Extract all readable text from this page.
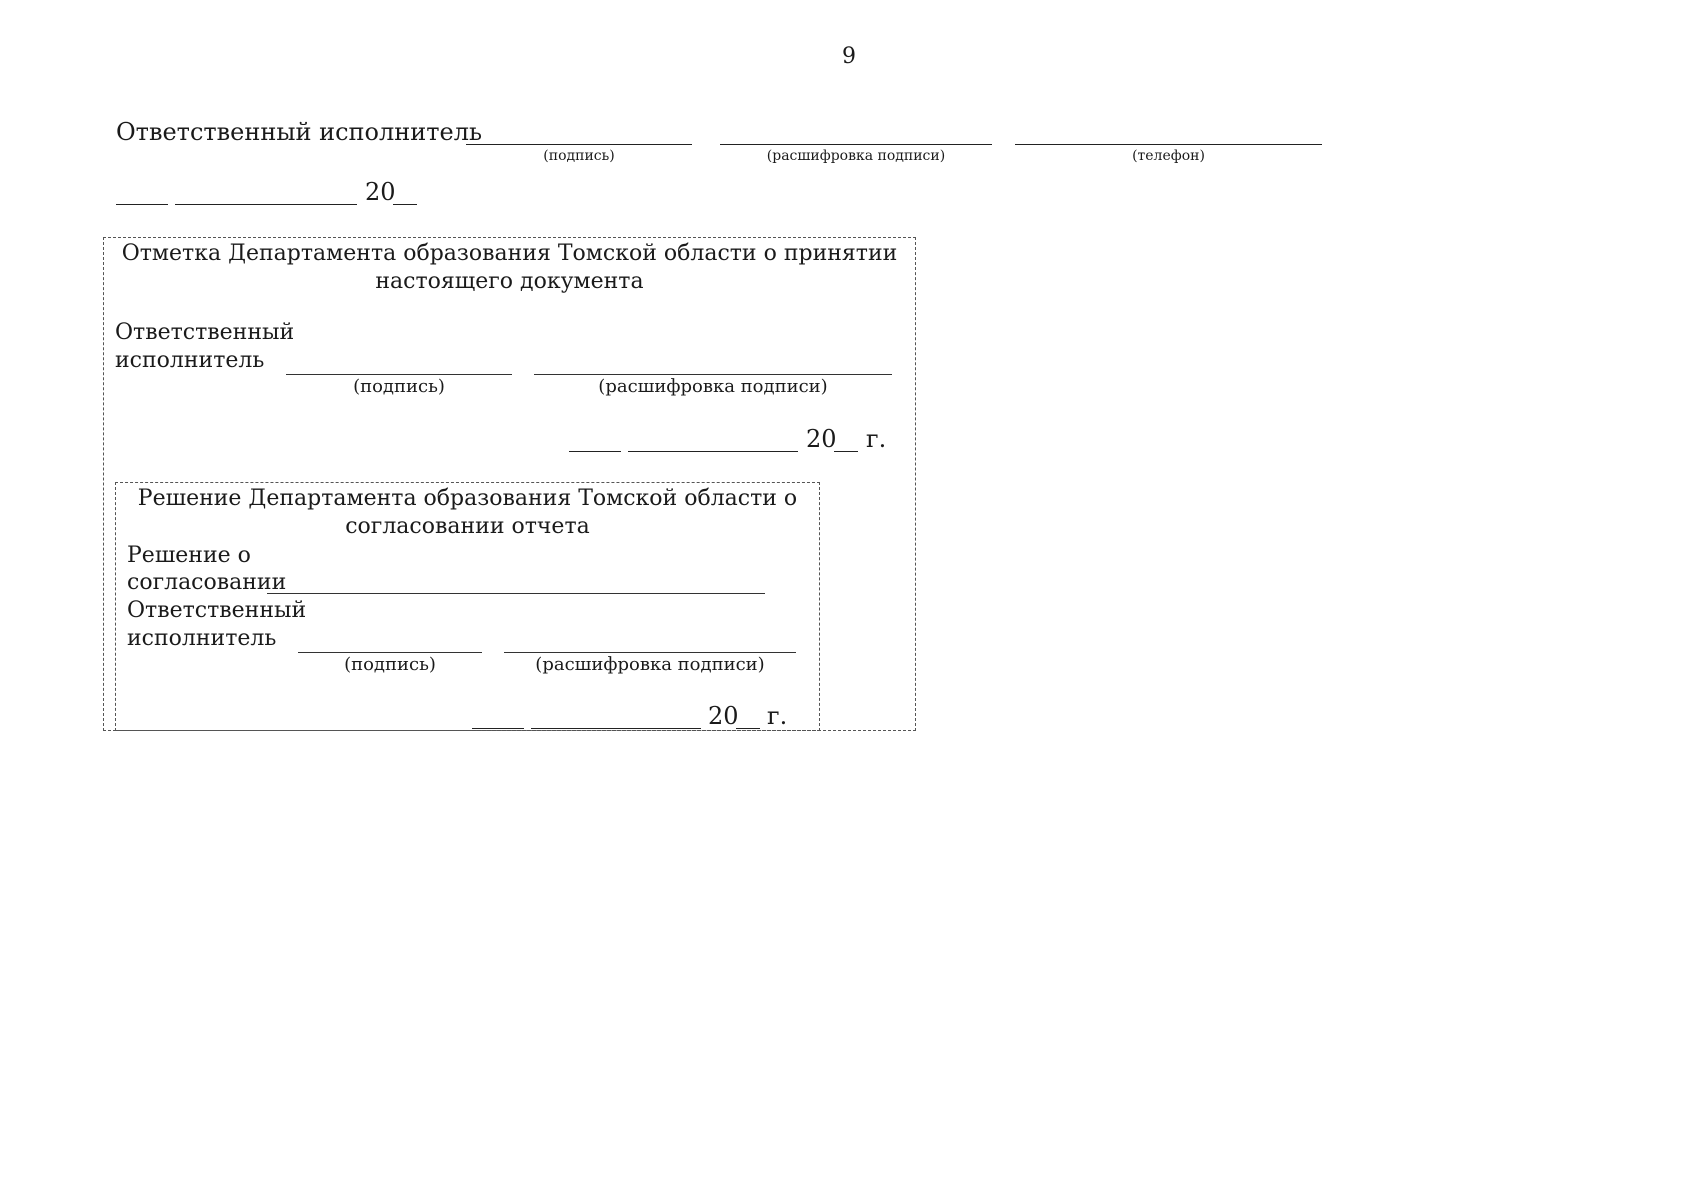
9
Ответственный исполнитель
(подпись)	(расшифровка подписи)	(телефон)
20
Отметка Департамента образования Томской области о принятии
настоящего документа
Ответственный
исполнитель
(подпись)	(расшифровка подписи)
20 г.
Решение Департамента образования Томской области о
согласовании отчета
Решение о
согласовании
Ответственный
исполнитель
(подпись)	(расшифровка подписи)
20 г.
